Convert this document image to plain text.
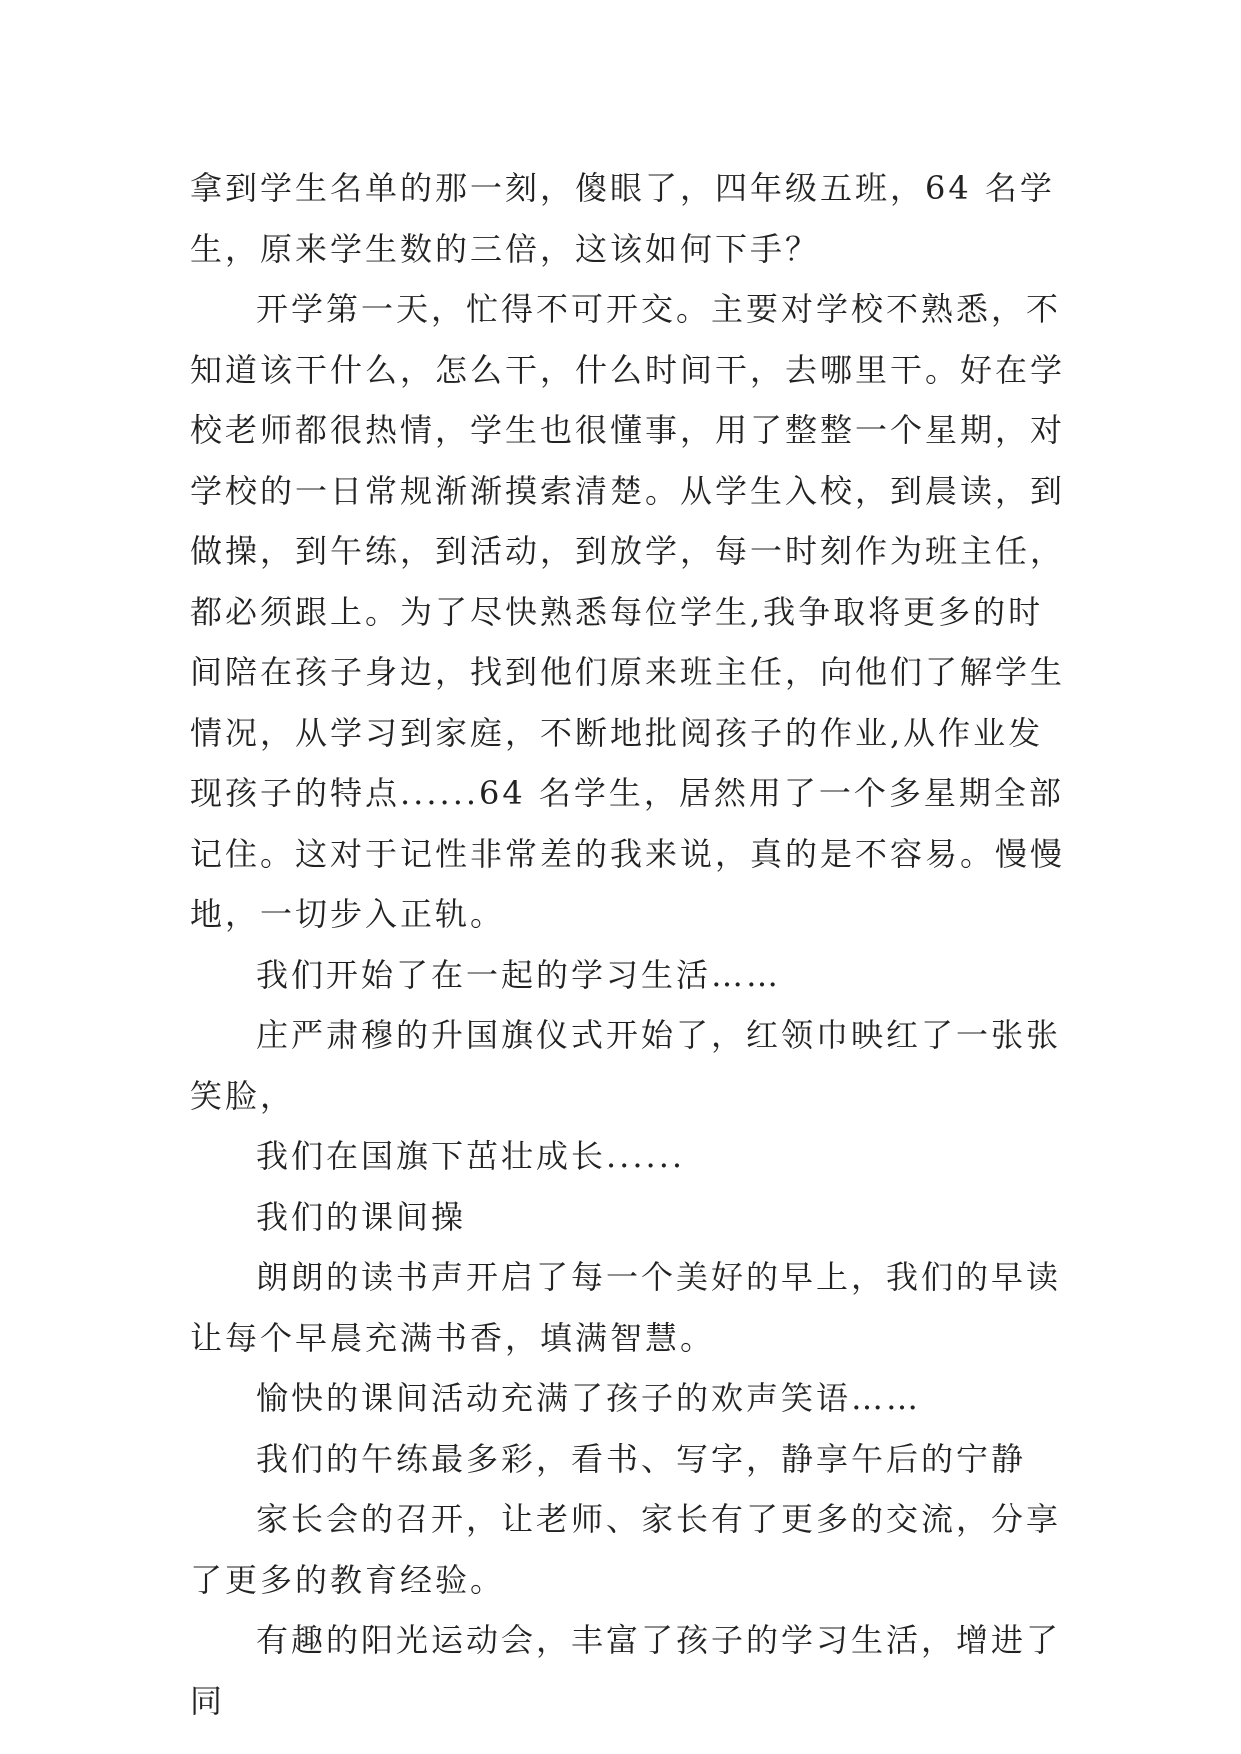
拿到学生名单的那一刻，傻眼了，四年级五班，64 名学生，原来学生数的三倍，这该如何下手？

开学第一天，忙得不可开交。主要对学校不熟悉，不知道该干什么，怎么干，什么时间干，去哪里干。好在学校老师都很热情，学生也很懂事，用了整整一个星期，对学校的一日常规渐渐摸索清楚。从学生入校，到晨读，到做操，到午练，到活动，到放学，每一时刻作为班主任，都必须跟上。为了尽快熟悉每位学生,我争取将更多的时间陪在孩子身边，找到他们原来班主任，向他们了解学生情况，从学习到家庭，不断地批阅孩子的作业,从作业发现孩子的特点......64 名学生，居然用了一个多星期全部记住。这对于记性非常差的我来说，真的是不容易。慢慢地，一切步入正轨。

我们开始了在一起的学习生活……

庄严肃穆的升国旗仪式开始了，红领巾映红了一张张笑脸，

我们在国旗下茁壮成长......

我们的课间操

朗朗的读书声开启了每一个美好的早上，我们的早读让每个早晨充满书香，填满智慧。

愉快的课间活动充满了孩子的欢声笑语……

我们的午练最多彩，看书、写字，静享午后的宁静

家长会的召开，让老师、家长有了更多的交流，分享了更多的教育经验。

有趣的阳光运动会，丰富了孩子的学习生活，增进了同
